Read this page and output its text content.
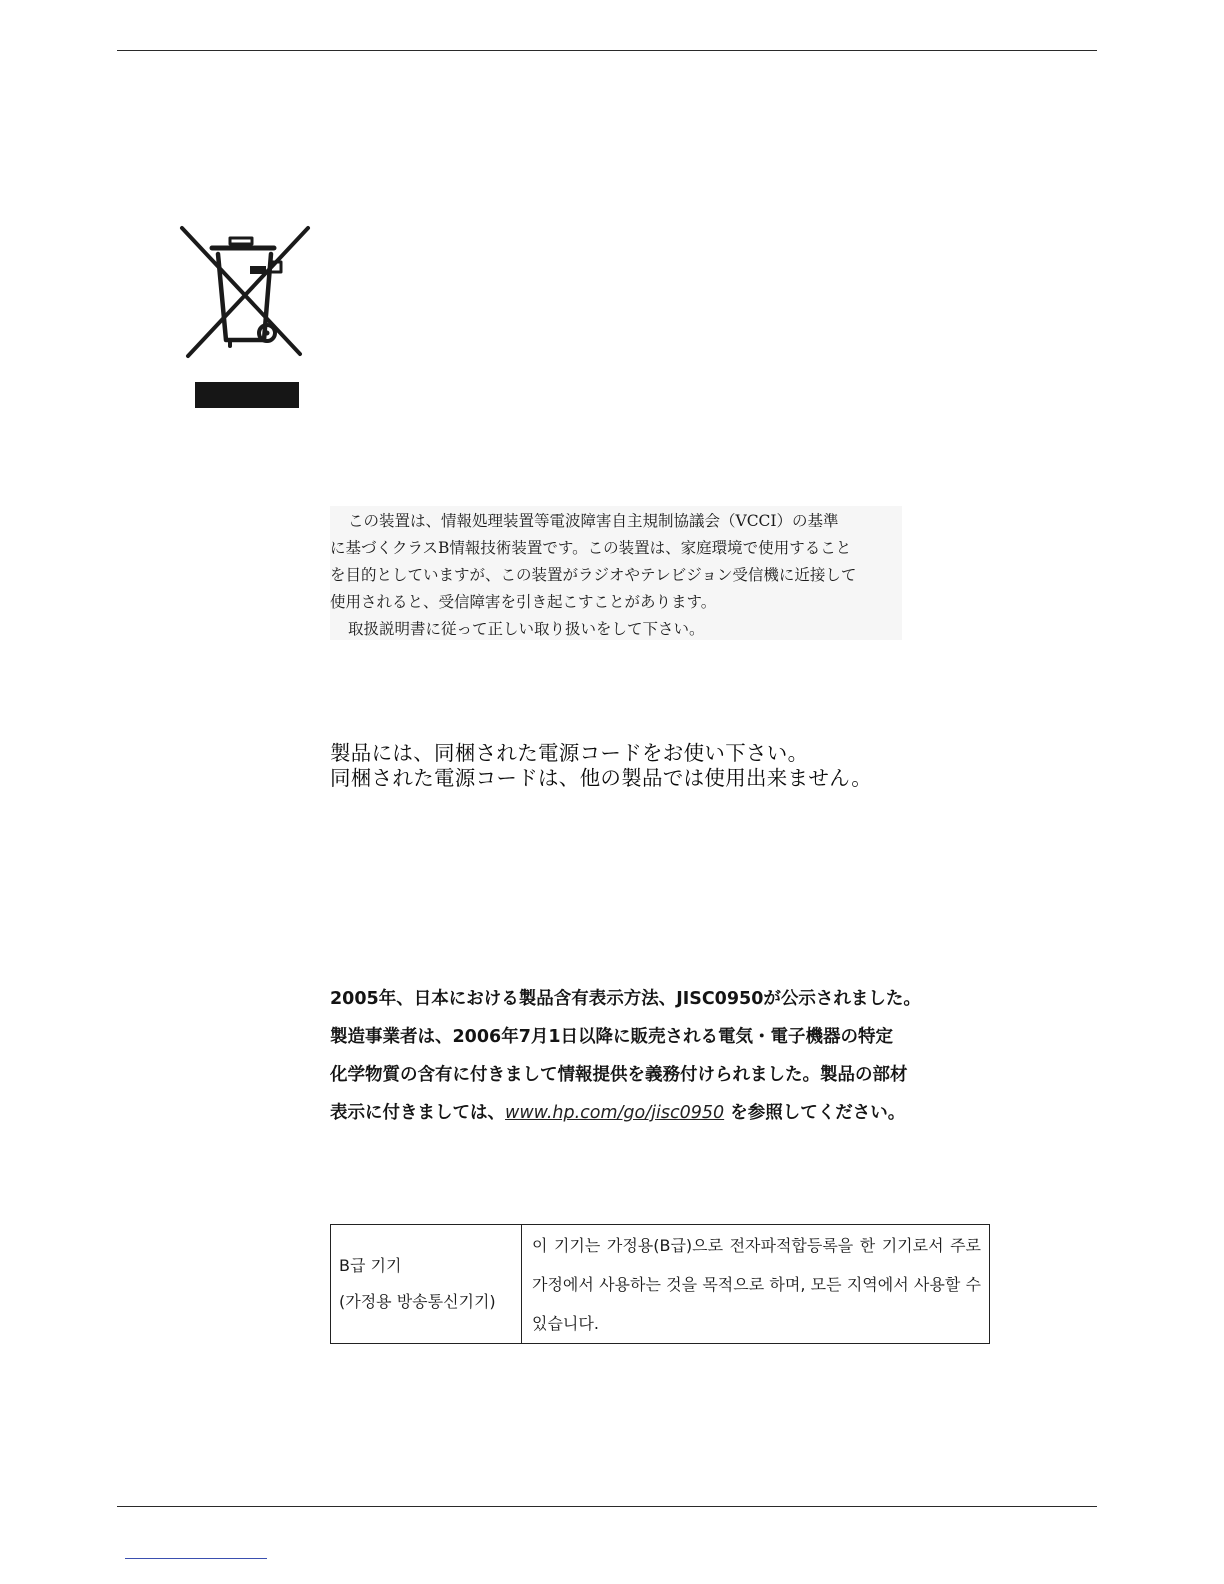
この装置は、情報処理装置等電波障害自主規制協議会（VCCI）の基準
に基づくクラスB情報技術装置です。この装置は、家庭環境で使用すること
を目的としていますが、この装置がラジオやテレビジョン受信機に近接して
使用されると、受信障害を引き起こすことがあります。
取扱説明書に従って正しい取り扱いをして下さい。
製品には、同梱された電源コードをお使い下さい。
同梱された電源コードは、他の製品では使用出来ません。
2005年、日本における製品含有表示方法、JISC0950が公示されました。
製造事業者は、2006年7月1日以降に販売される電気・電子機器の特定
化学物質の含有に付きまして情報提供を義務付けられました。製品の部材
表示に付きましては、www.hp.com/go/jisc0950 を参照してください。
B급 기기
(가정용 방송통신기기)

이 기기는 가정용(B급)으로 전자파적합등록을 한 기기로서 주로 가정에서 사용하는 것을 목적으로 하며, 모든 지역에서 사용할 수 있습니다.
